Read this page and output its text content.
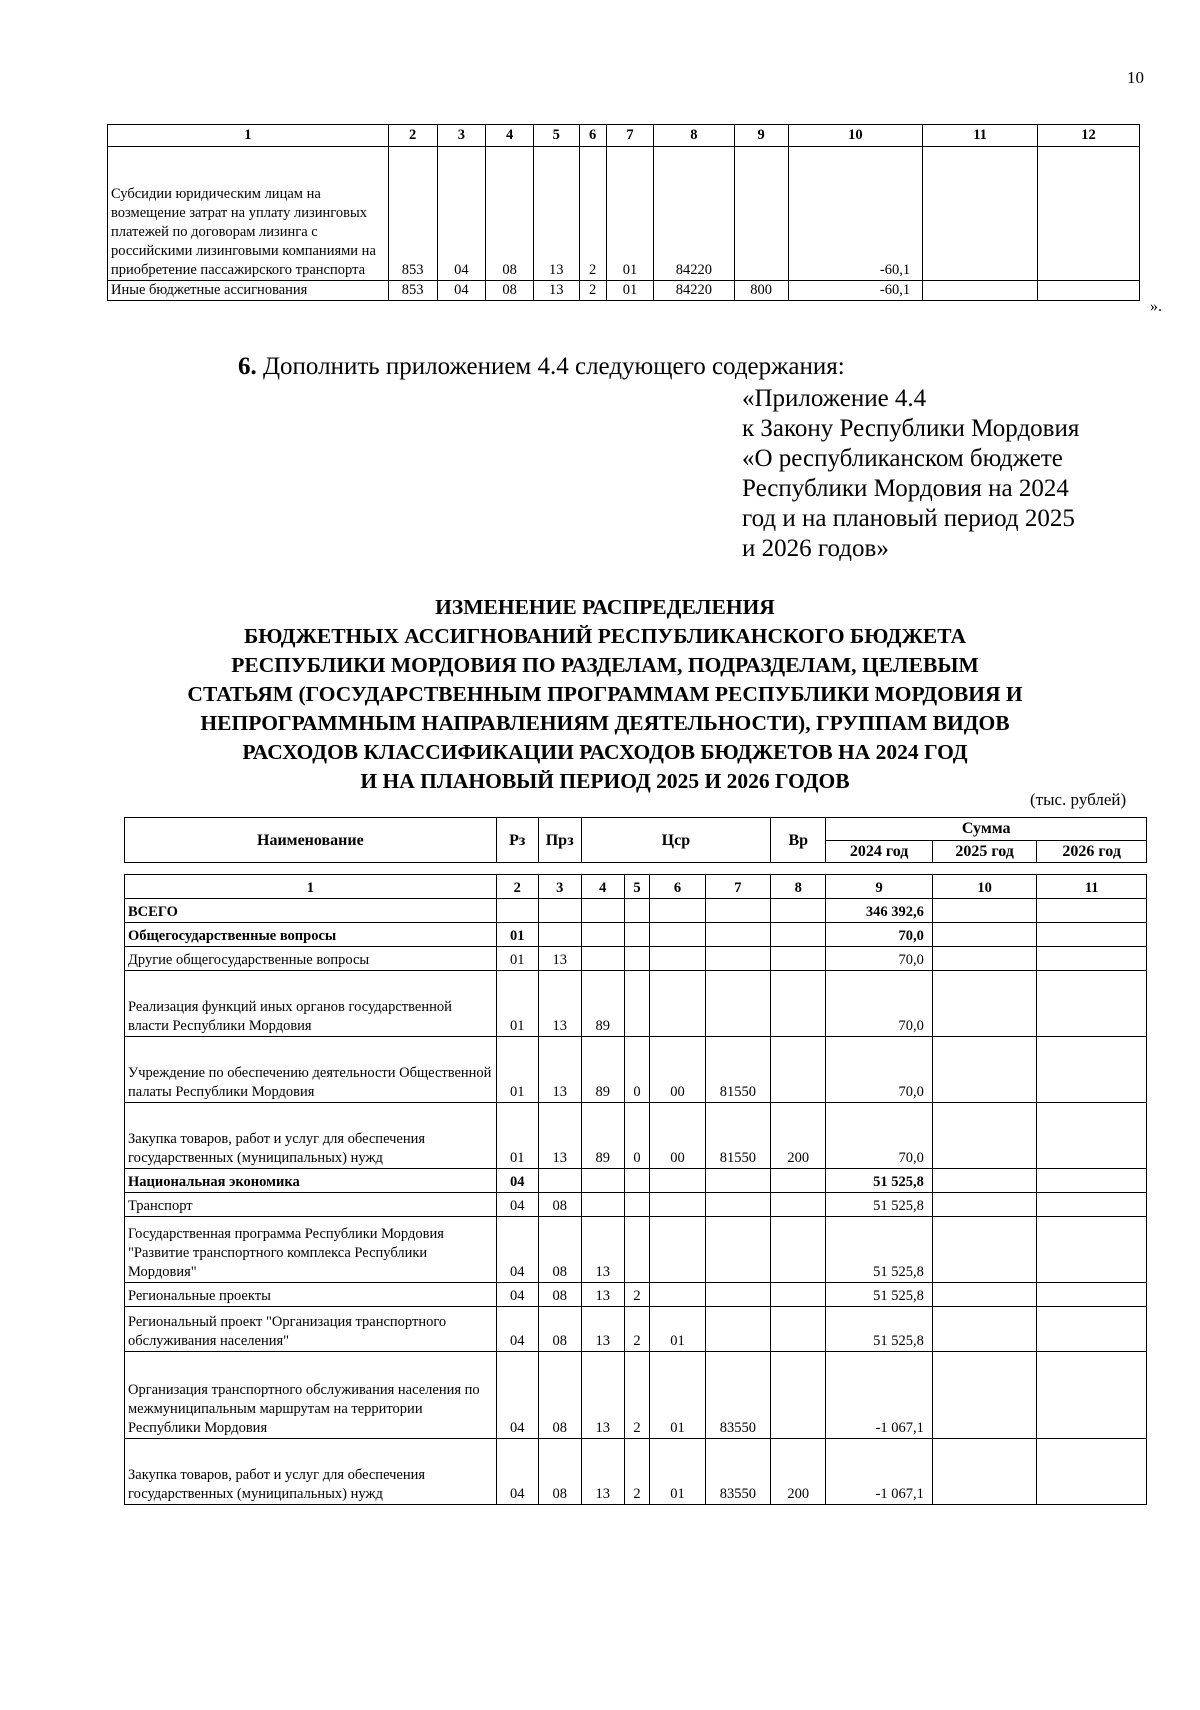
10
1	2	3	4	5	6	7	8	9	10	11	12
Субсидии юридическим лицам на возмещение затрат на уплату лизинговых платежей по договорам лизинга с российскими лизинговыми компаниями на приобретение пассажирского транспорта	853	04	08	13	2	01	84220		-60,1		
Иные бюджетные ассигнования	853	04	08	13	2	01	84220	800	-60,1		
».
6. Дополнить приложением 4.4 следующего содержания:
«Приложение 4.4
к Закону Республики Мордовия
«О республиканском бюджете
Республики Мордовия на 2024
год и на плановый период 2025
и 2026 годов»
ИЗМЕНЕНИЕ РАСПРЕДЕЛЕНИЯ
БЮДЖЕТНЫХ АССИГНОВАНИЙ РЕСПУБЛИКАНСКОГО БЮДЖЕТА
РЕСПУБЛИКИ МОРДОВИЯ ПО РАЗДЕЛАМ, ПОДРАЗДЕЛАМ, ЦЕЛЕВЫМ
СТАТЬЯМ (ГОСУДАРСТВЕННЫМ ПРОГРАММАМ РЕСПУБЛИКИ МОРДОВИЯ И
НЕПРОГРАММНЫМ НАПРАВЛЕНИЯМ ДЕЯТЕЛЬНОСТИ), ГРУППАМ ВИДОВ
РАСХОДОВ КЛАССИФИКАЦИИ РАСХОДОВ БЮДЖЕТОВ НА 2024 ГОД
И НА ПЛАНОВЫЙ ПЕРИОД 2025 И 2026 ГОДОВ
(тыс. рублей)
Наименование	Рз	Прз	Цср	Вр	Сумма		
					2024 год	2025 год	2026 год
1	2	3	4	5	6	7	8	9	10	11
ВСЕГО								346 392,6		
Общегосударственные вопросы	01							70,0		
Другие общегосударственные вопросы	01	13						70,0		
Реализация функций иных органов государственной власти Республики Мордовия	01	13	89					70,0		
Учреждение по обеспечению деятельности Общественной палаты Республики Мордовия	01	13	89	0	00	81550		70,0		
Закупка товаров, работ и услуг для обеспечения государственных (муниципальных) нужд	01	13	89	0	00	81550	200	70,0		
Национальная экономика	04							51 525,8		
Транспорт	04	08						51 525,8		
Государственная программа Республики Мордовия "Развитие транспортного комплекса Республики Мордовия"	04	08	13					51 525,8		
Региональные проекты	04	08	13	2				51 525,8		
Региональный проект "Организация транспортного обслуживания населения"	04	08	13	2	01			51 525,8		
Организация транспортного обслуживания населения по межмуниципальным маршрутам на территории Республики Мордовия	04	08	13	2	01	83550		-1 067,1		
Закупка товаров, работ и услуг для обеспечения государственных (муниципальных) нужд	04	08	13	2	01	83550	200	-1 067,1		
